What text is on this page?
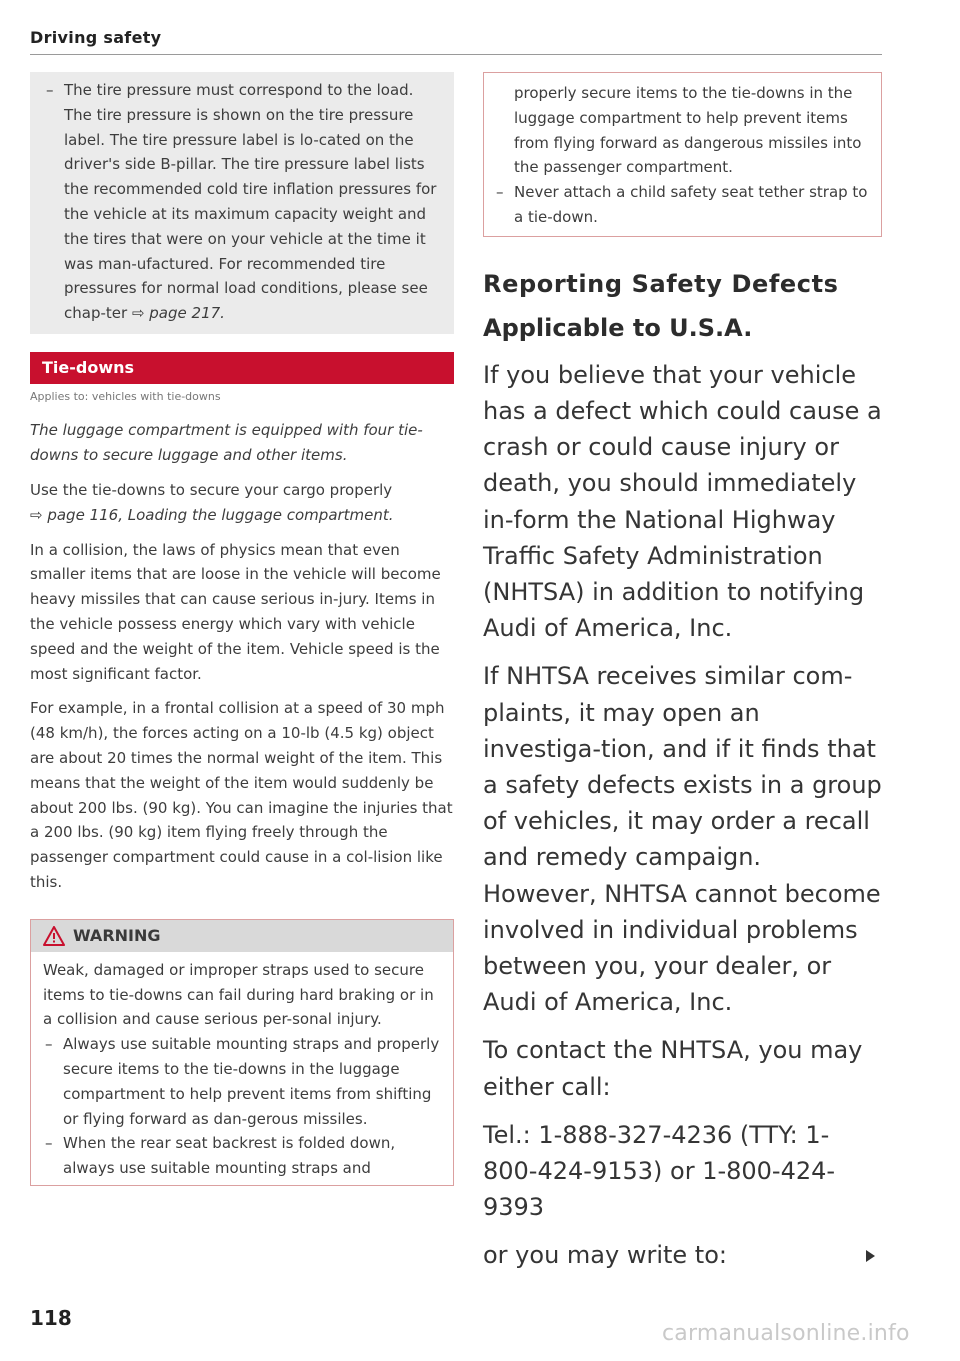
Driving safety
– The tire pressure must correspond to the load. The tire pressure is shown on the tire pressure label. The tire pressure label is lo-cated on the driver's side B-pillar. The tire pressure label lists the recommended cold tire inflation pressures for the vehicle at its maximum capacity weight and the tires that were on your vehicle at the time it was man-ufactured. For recommended tire pressures for normal load conditions, please see chap-ter ⇨ page 217.
Tie-downs

Applies to: vehicles with tie-downs

The luggage compartment is equipped with four tie-downs to secure luggage and other items.

Use the tie-downs to secure your cargo properly
⇨ page 116, Loading the luggage compartment.

In a collision, the laws of physics mean that even smaller items that are loose in the vehicle will become heavy missiles that can cause serious in-jury. Items in the vehicle possess energy which vary with vehicle speed and the weight of the item. Vehicle speed is the most significant factor.

For example, in a frontal collision at a speed of 30 mph (48 km/h), the forces acting on a 10-lb (4.5 kg) object are about 20 times the normal weight of the item. This means that the weight of the item would suddenly be about 200 lbs. (90 kg). You can imagine the injuries that a 200 lbs. (90 kg) item flying freely through the passenger compartment could cause in a col-lision like this.

WARNING

Weak, damaged or improper straps used to secure items to tie-downs can fail during hard braking or in a collision and cause serious per-sonal injury.

– Always use suitable mounting straps and properly secure items to the tie-downs in the luggage compartment to help prevent items from shifting or flying forward as dan-gerous missiles.
– When the rear seat backrest is folded down, always use suitable mounting straps and
properly secure items to the tie-downs in the luggage compartment to help prevent items from flying forward as dangerous missiles into the passenger compartment.
– Never attach a child safety seat tether strap to a tie-down.
Reporting Safety Defects
Applicable to U.S.A.

If you believe that your vehicle has a defect which could cause a crash or could cause injury or death, you should immediately in-form the National Highway Traffic Safety Administration (NHTSA) in addition to notifying Audi of America, Inc.

If NHTSA receives similar com-plaints, it may open an investiga-tion, and if it finds that a safety defects exists in a group of vehicles, it may order a recall and remedy campaign. However, NHTSA cannot become involved in individual problems between you, your dealer, or Audi of America, Inc.

To contact the NHTSA, you may either call:

Tel.: 1-888-327-4236 (TTY: 1-800-424-9153) or 1-800-424-9393

or you may write to:

118
carmanualsonline.info
